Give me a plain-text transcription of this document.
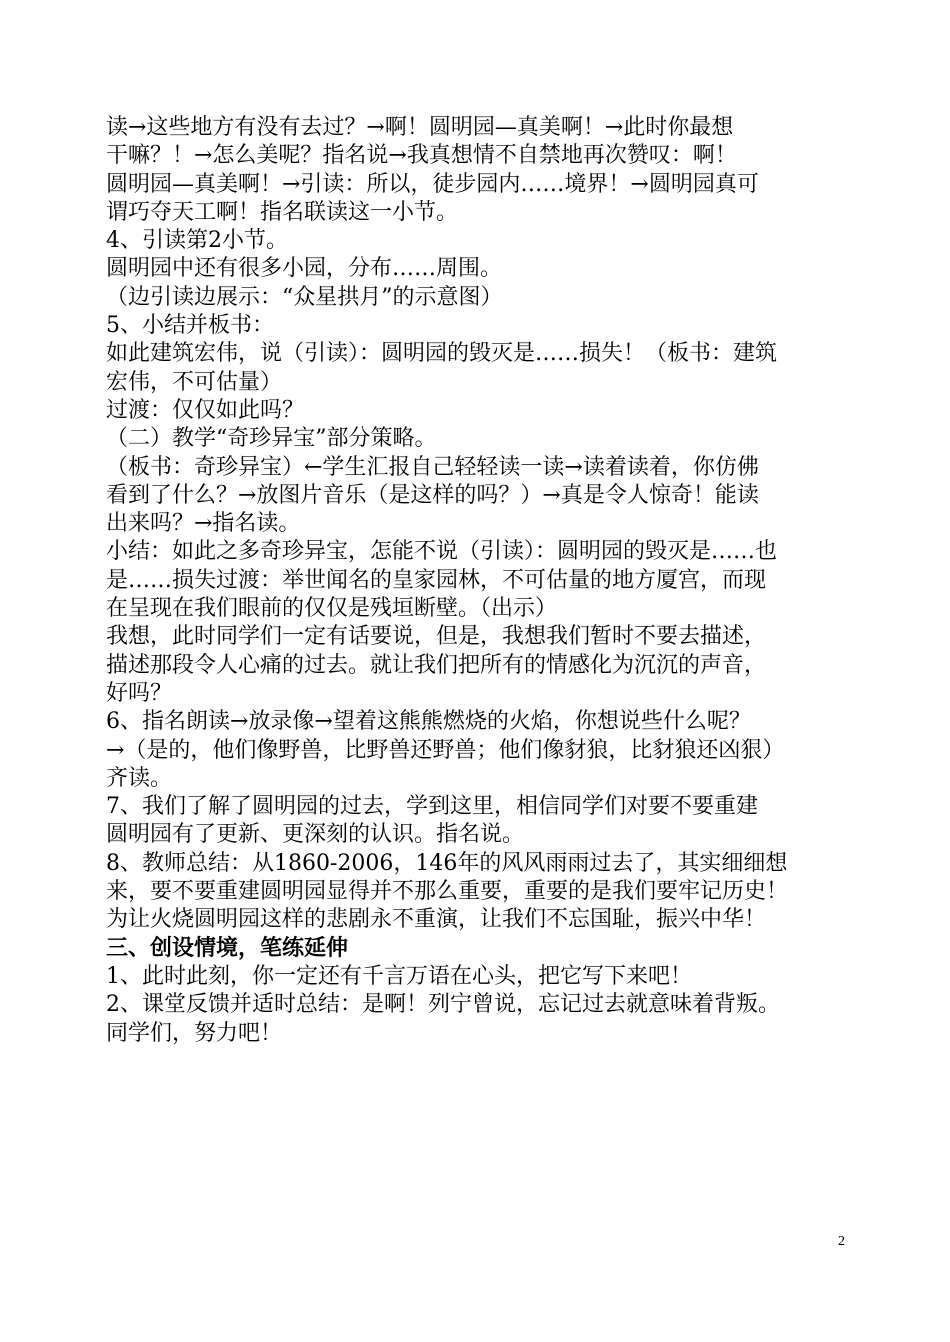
读→这些地方有没有去过？→啊！圆明园—真美啊！→此时你最想
干嘛？！→怎么美呢？指名说→我真想情不自禁地再次赞叹：啊！
圆明园—真美啊！→引读：所以，徒步园内……境界！→圆明园真可
谓巧夺天工啊！指名联读这一小节。
4、引读第2小节。
圆明园中还有很多小园，分布……周围。
（边引读边展示：“众星拱月”的示意图）
5、小结并板书：
如此建筑宏伟，说（引读）：圆明园的毁灭是……损失！（板书：建筑
宏伟，不可估量）
过渡：仅仅如此吗？
（二）教学“奇珍异宝”部分策略。
（板书：奇珍异宝）←学生汇报自己轻轻读一读→读着读着，你仿佛
看到了什么？→放图片音乐（是这样的吗？）→真是令人惊奇！能读
出来吗？→指名读。
小结：如此之多奇珍异宝，怎能不说（引读）：圆明园的毁灭是……也
是……损失过渡：举世闻名的皇家园林，不可估量的地方厦宫，而现
在呈现在我们眼前的仅仅是残垣断壁。（出示）
我想，此时同学们一定有话要说，但是，我想我们暂时不要去描述，
描述那段令人心痛的过去。就让我们把所有的情感化为沉沉的声音，
好吗？
6、指名朗读→放录像→望着这熊熊燃烧的火焰，你想说些什么呢？
→（是的，他们像野兽，比野兽还野兽；他们像豺狼，比豺狼还凶狠）
齐读。
7、我们了解了圆明园的过去，学到这里，相信同学们对要不要重建
圆明园有了更新、更深刻的认识。指名说。
8、教师总结：从1860-2006，146年的风风雨雨过去了，其实细细想
来，要不要重建圆明园显得并不那么重要，重要的是我们要牢记历史！
为让火烧圆明园这样的悲剧永不重演，让我们不忘国耻，振兴中华！
三、创设情境，笔练延伸
1、此时此刻，你一定还有千言万语在心头，把它写下来吧！
2、课堂反馈并适时总结：是啊！列宁曾说，忘记过去就意味着背叛。
同学们，努力吧！
2
